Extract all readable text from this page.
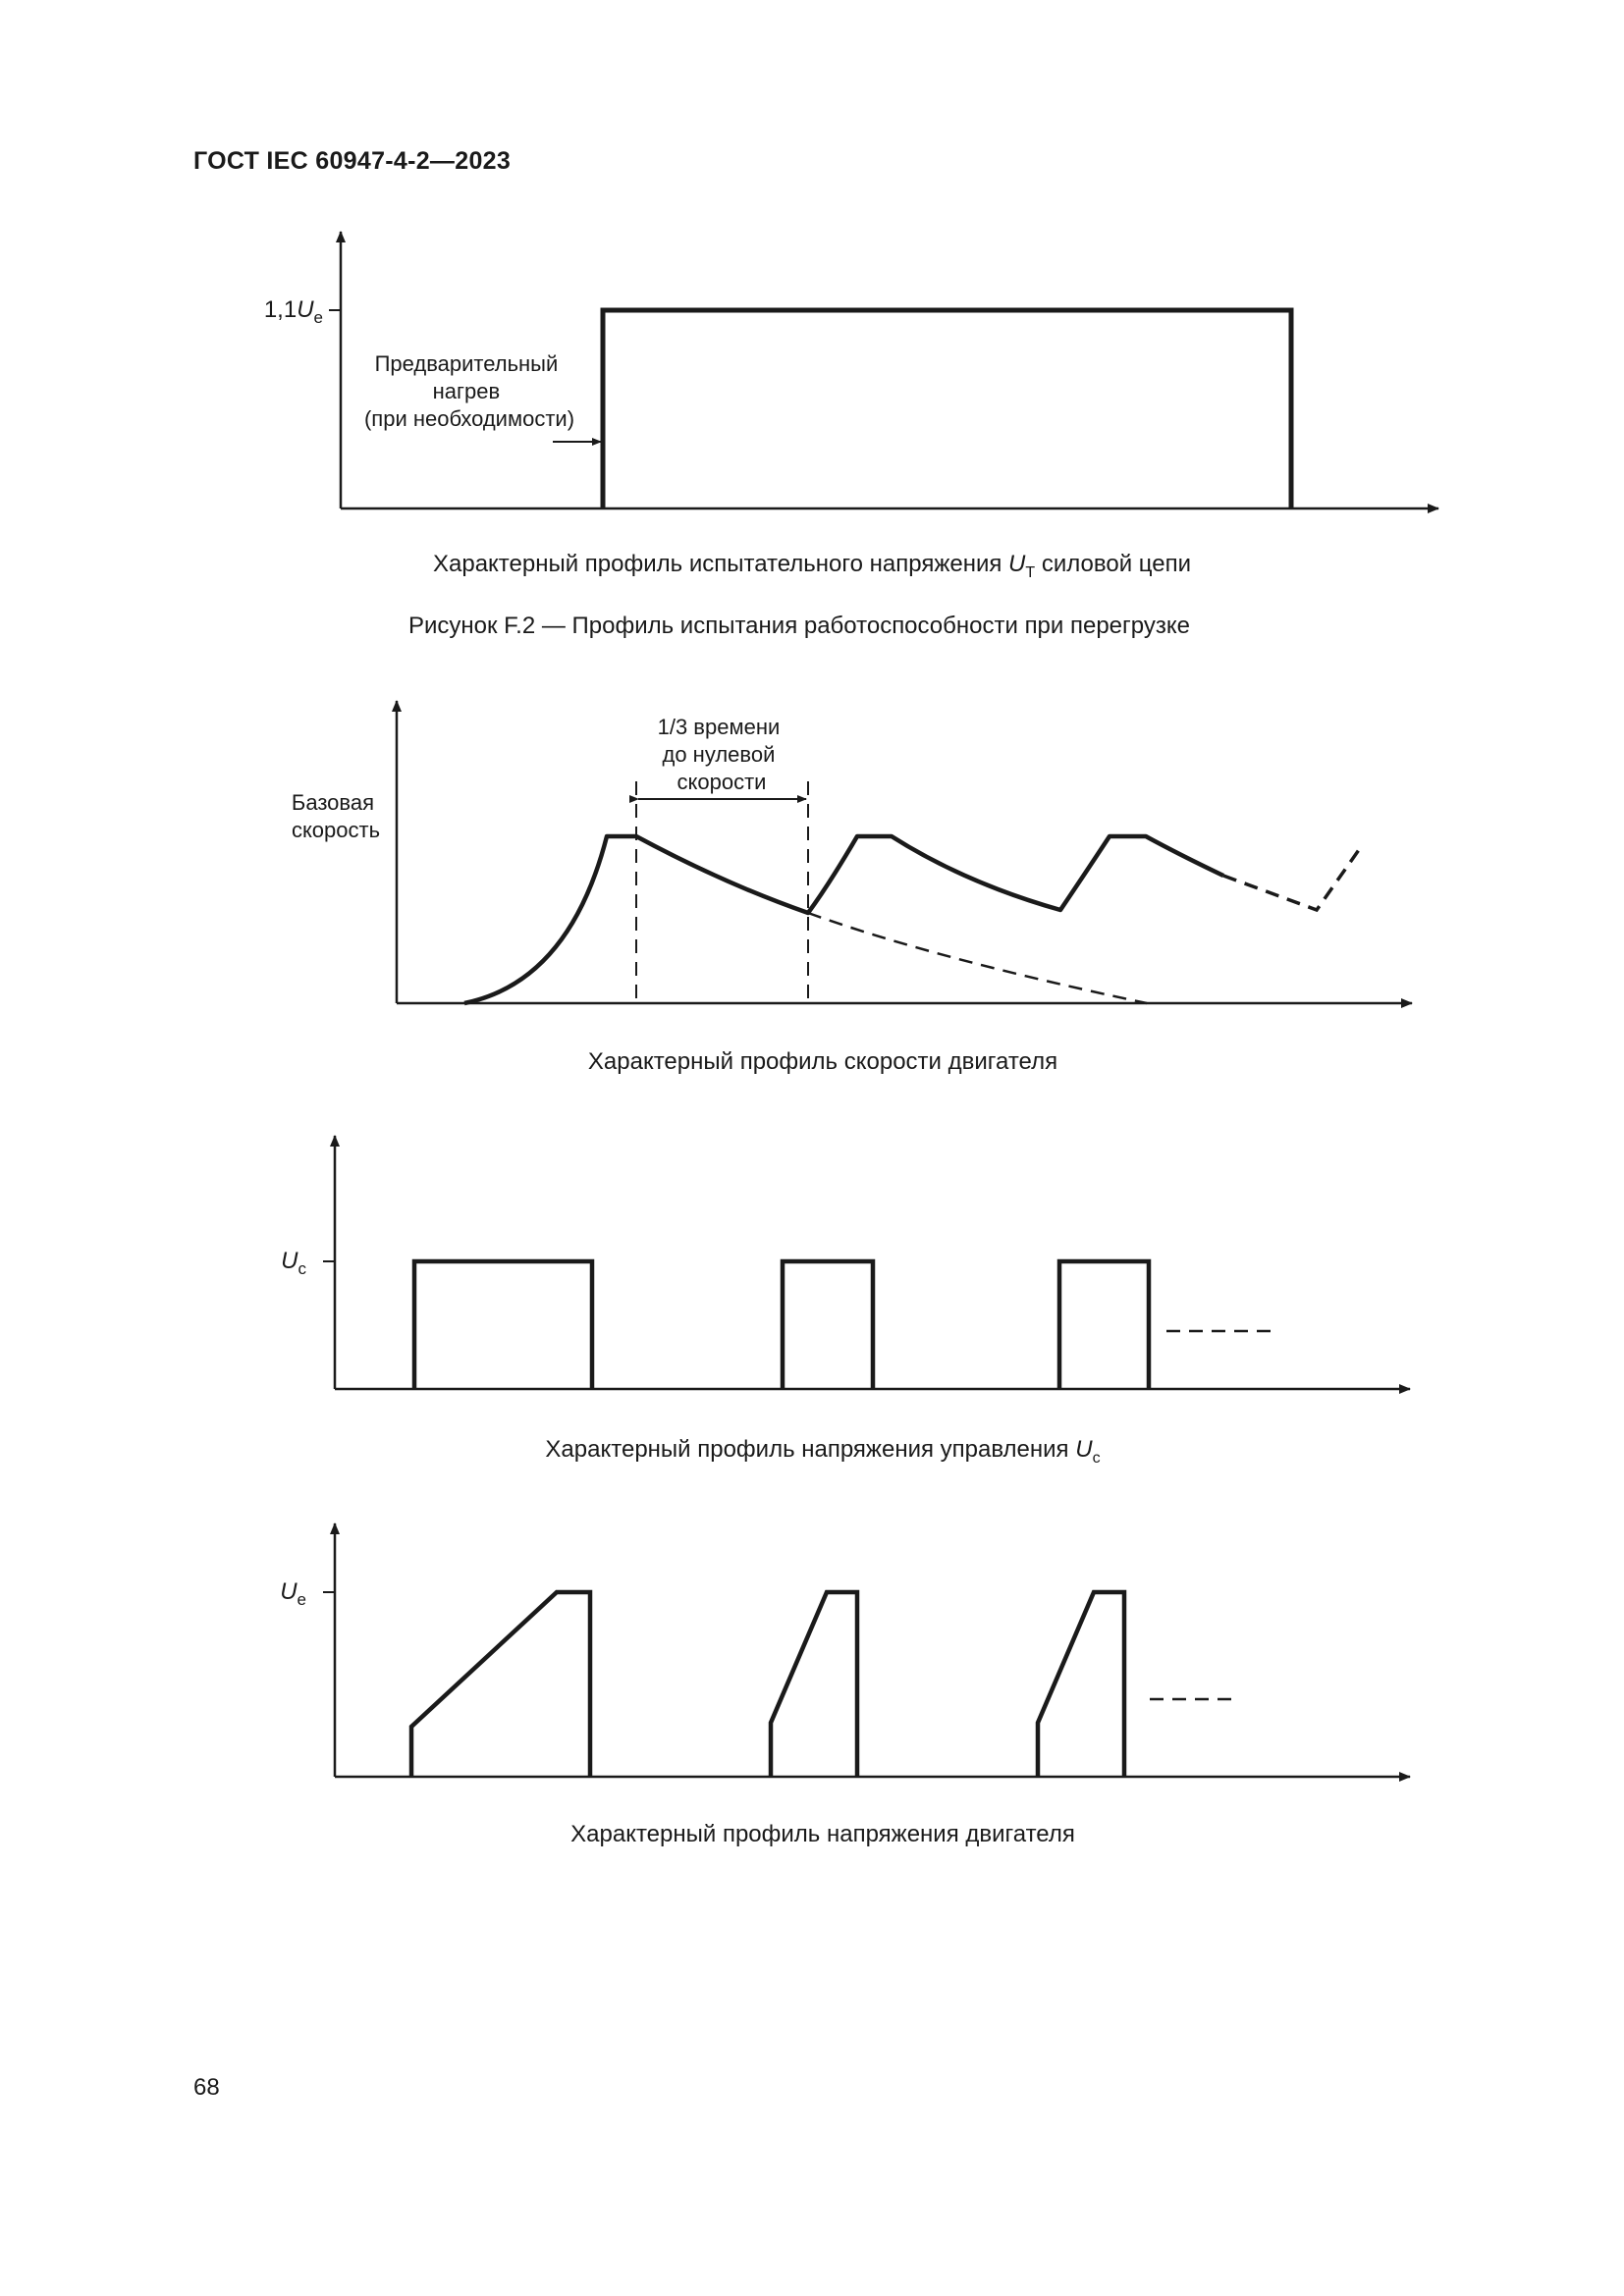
ГОСТ IEC 60947-4-2—2023
$1,1U_e$
Предварительный нагрев (при необходимости)
Характерный профиль испытательного напряжения $U_T$ силовой цепи
Рисунок F.2 — Профиль испытания работоспособности при перегрузке
Базовая скорость
1/3 времени до нулевой скорости
Характерный профиль скорости двигателя
$U_c$
Характерный профиль напряжения управления $U_c$
$U_e$
Характерный профиль напряжения двигателя
68
